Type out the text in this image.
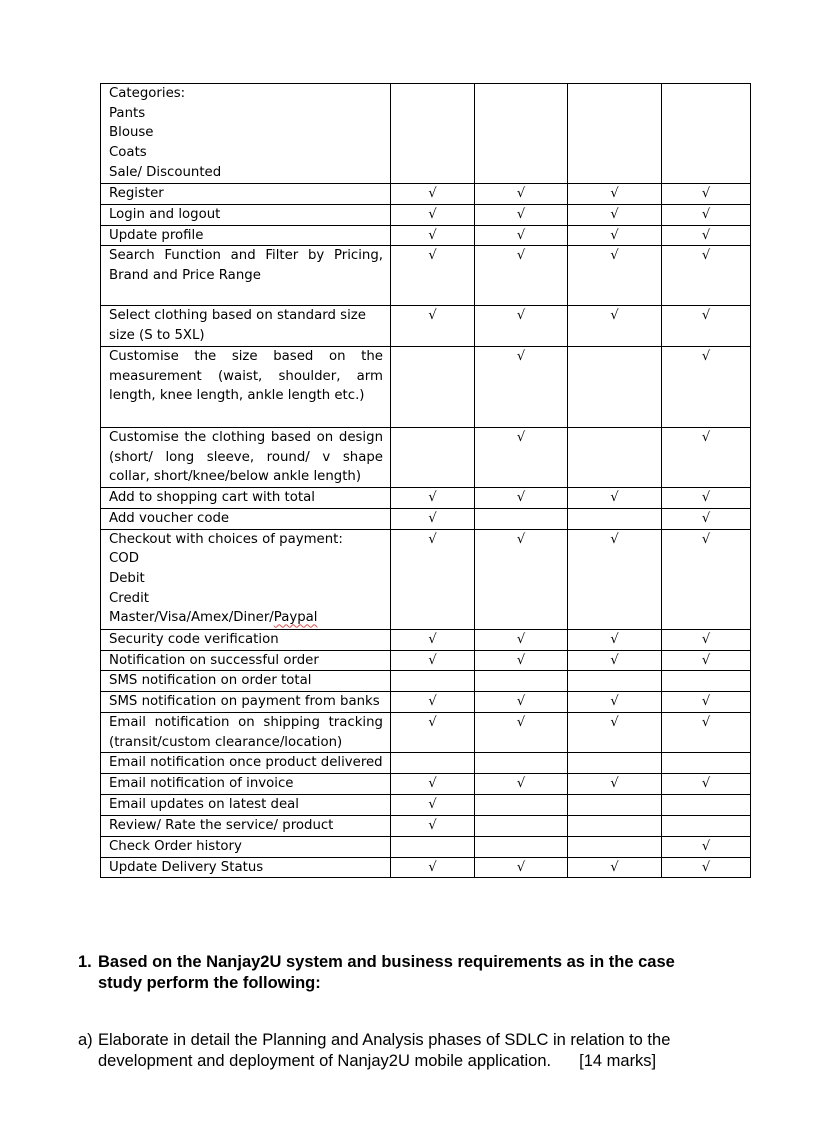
Categories:
Pants
Blouse
Coats
Sale/ Discounted				

Register	√	√	√	√

Login and logout	√	√	√	√

Update profile	√	√	√	√

Search Function and Filter by Pricing,
Brand and Price Range	√	√	√	√

Select clothing based on standard size
size (S to 5XL)	√	√	√	√

Customise the size based on the
measurement (waist, shoulder, arm
length, knee length, ankle length etc.)		√		√

Customise the clothing based on design
(short/ long sleeve, round/ v shape
collar, short/knee/below ankle length)		√		√

Add to shopping cart with total	√	√	√	√

Add voucher code	√			√

Checkout with choices of payment:
COD
Debit
Credit
Master/Visa/Amex/Diner/Paypal	√	√	√	√

Security code verification	√	√	√	√

Notification on successful order	√	√	√	√

SMS notification on order total				

SMS notification on payment from banks	√	√	√	√

Email notification on shipping tracking
(transit/custom clearance/location)	√	√	√	√

Email notification once product delivered				

Email notification of invoice	√	√	√	√

Email updates on latest deal	√			

Review/ Rate the service/ product	√			

Check Order history				√

Update Delivery Status	√	√	√	√
1. Based on the Nanjay2U system and business requirements as in the case
study perform the following:
a) Elaborate in detail the Planning and Analysis phases of SDLC in relation to the
development and deployment of Nanjay2U mobile application. [14 marks]
